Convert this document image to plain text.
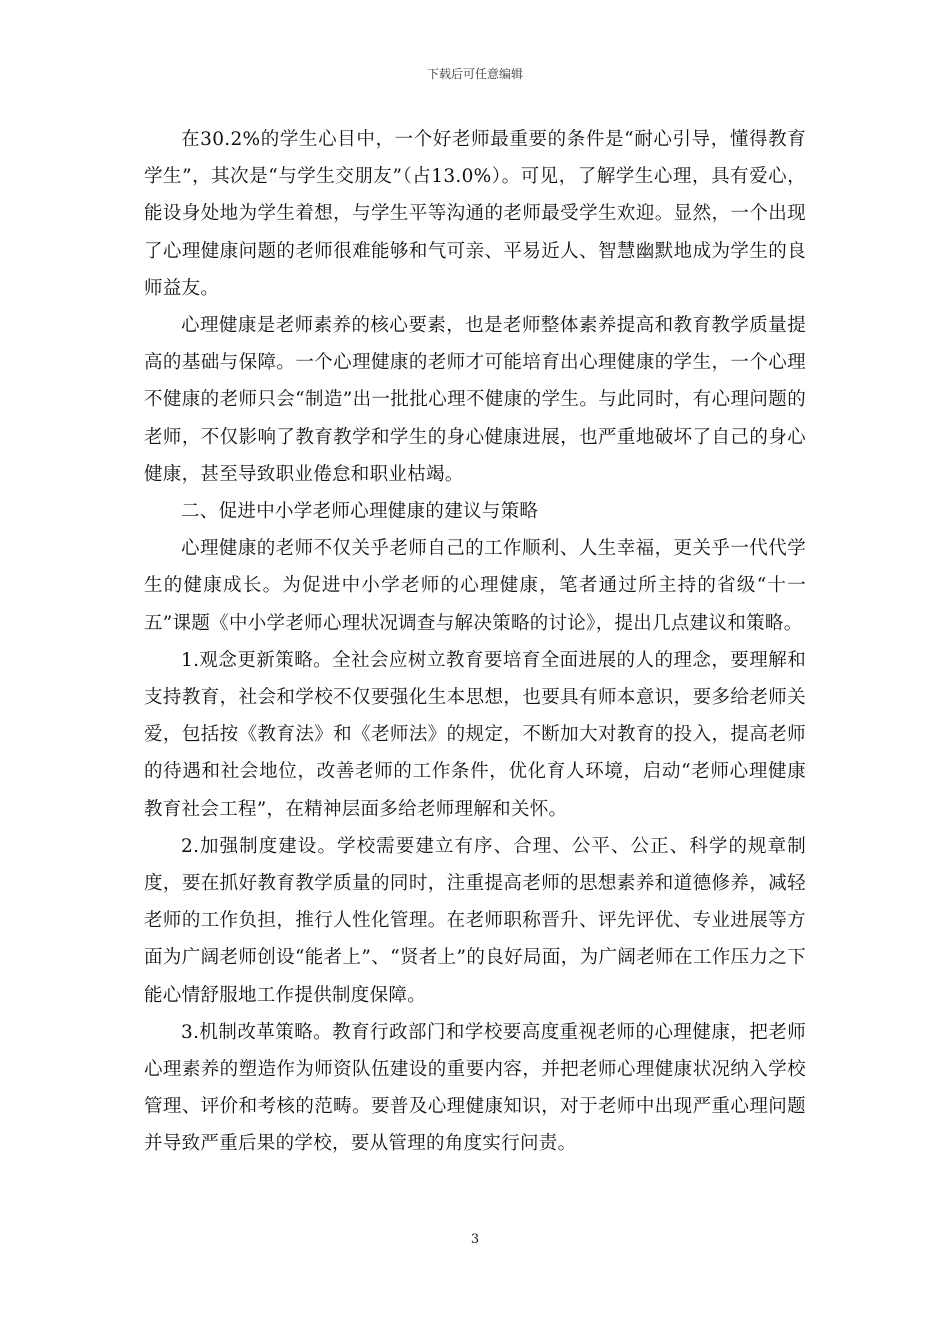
下载后可任意编辑

在30.2%的学生心目中，一个好老师最重要的条件是“耐心引导，懂得教育学生”，其次是“与学生交朋友”（占13.0%）。可见，了解学生心理，具有爱心，能设身处地为学生着想，与学生平等沟通的老师最受学生欢迎。显然，一个出现了心理健康问题的老师很难能够和气可亲、平易近人、智慧幽默地成为学生的良师益友。

心理健康是老师素养的核心要素，也是老师整体素养提高和教育教学质量提高的基础与保障。一个心理健康的老师才可能培育出心理健康的学生，一个心理不健康的老师只会“制造”出一批批心理不健康的学生。与此同时，有心理问题的老师，不仅影响了教育教学和学生的身心健康进展，也严重地破坏了自己的身心健康，甚至导致职业倦怠和职业枯竭。

二、促进中小学老师心理健康的建议与策略

心理健康的老师不仅关乎老师自己的工作顺利、人生幸福，更关乎一代代学生的健康成长。为促进中小学老师的心理健康，笔者通过所主持的省级“十一五”课题《中小学老师心理状况调查与解决策略的讨论》，提出几点建议和策略。

1.观念更新策略。全社会应树立教育要培育全面进展的人的理念，要理解和支持教育，社会和学校不仅要强化生本思想，也要具有师本意识，要多给老师关爱，包括按《教育法》和《老师法》的规定，不断加大对教育的投入，提高老师的待遇和社会地位，改善老师的工作条件，优化育人环境，启动“老师心理健康教育社会工程”，在精神层面多给老师理解和关怀。

2.加强制度建设。学校需要建立有序、合理、公平、公正、科学的规章制度，要在抓好教育教学质量的同时，注重提高老师的思想素养和道德修养，减轻老师的工作负担，推行人性化管理。在老师职称晋升、评先评优、专业进展等方面为广阔老师创设“能者上”、“贤者上”的良好局面，为广阔老师在工作压力之下能心情舒服地工作提供制度保障。

3.机制改革策略。教育行政部门和学校要高度重视老师的心理健康，把老师心理素养的塑造作为师资队伍建设的重要内容，并把老师心理健康状况纳入学校管理、评价和考核的范畴。要普及心理健康知识，对于老师中出现严重心理问题并导致严重后果的学校，要从管理的角度实行问责。

3
